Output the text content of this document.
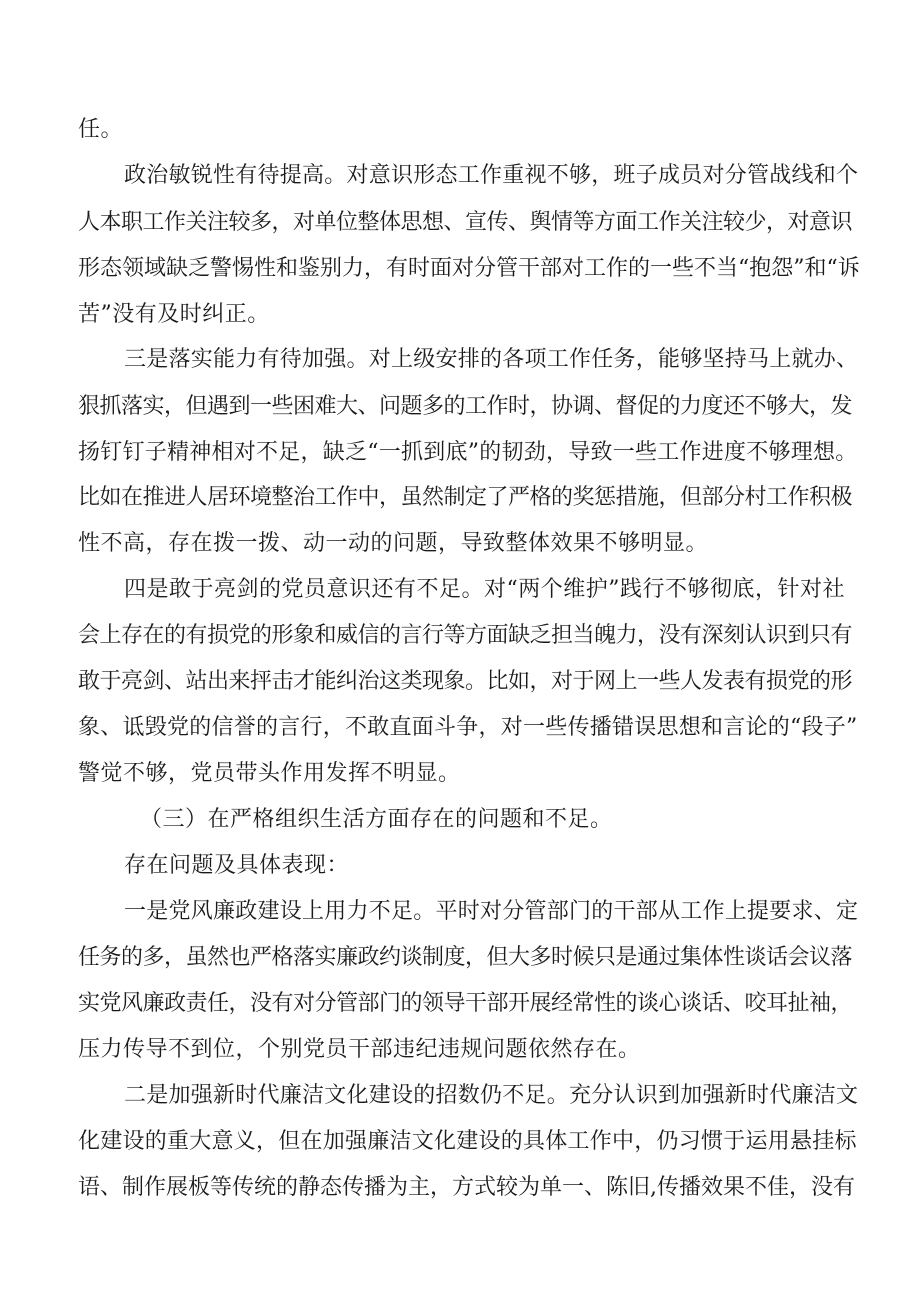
任。
政治敏锐性有待提高。对意识形态工作重视不够，班子成员对分管战线和个
人本职工作关注较多，对单位整体思想、宣传、舆情等方面工作关注较少，对意识
形态领域缺乏警惕性和鉴别力，有时面对分管干部对工作的一些不当“抱怨”和“诉
苦”没有及时纠正。
三是落实能力有待加强。对上级安排的各项工作任务，能够坚持马上就办、
狠抓落实，但遇到一些困难大、问题多的工作时，协调、督促的力度还不够大，发
扬钉钉子精神相对不足，缺乏“一抓到底”的韧劲，导致一些工作进度不够理想。
比如在推进人居环境整治工作中，虽然制定了严格的奖惩措施，但部分村工作积极
性不高，存在拨一拨、动一动的问题，导致整体效果不够明显。
四是敢于亮剑的党员意识还有不足。对“两个维护”践行不够彻底，针对社
会上存在的有损党的形象和威信的言行等方面缺乏担当魄力，没有深刻认识到只有
敢于亮剑、站出来抨击才能纠治这类现象。比如，对于网上一些人发表有损党的形
象、诋毁党的信誉的言行，不敢直面斗争，对一些传播错误思想和言论的“段子”
警觉不够，党员带头作用发挥不明显。
（三）在严格组织生活方面存在的问题和不足。
存在问题及具体表现：
一是党风廉政建设上用力不足。平时对分管部门的干部从工作上提要求、定
任务的多，虽然也严格落实廉政约谈制度，但大多时候只是通过集体性谈话会议落
实党风廉政责任，没有对分管部门的领导干部开展经常性的谈心谈话、咬耳扯袖，
压力传导不到位，个别党员干部违纪违规问题依然存在。
二是加强新时代廉洁文化建设的招数仍不足。充分认识到加强新时代廉洁文
化建设的重大意义，但在加强廉洁文化建设的具体工作中，仍习惯于运用悬挂标
语、制作展板等传统的静态传播为主，方式较为单一、陈旧,传播效果不佳，没有
